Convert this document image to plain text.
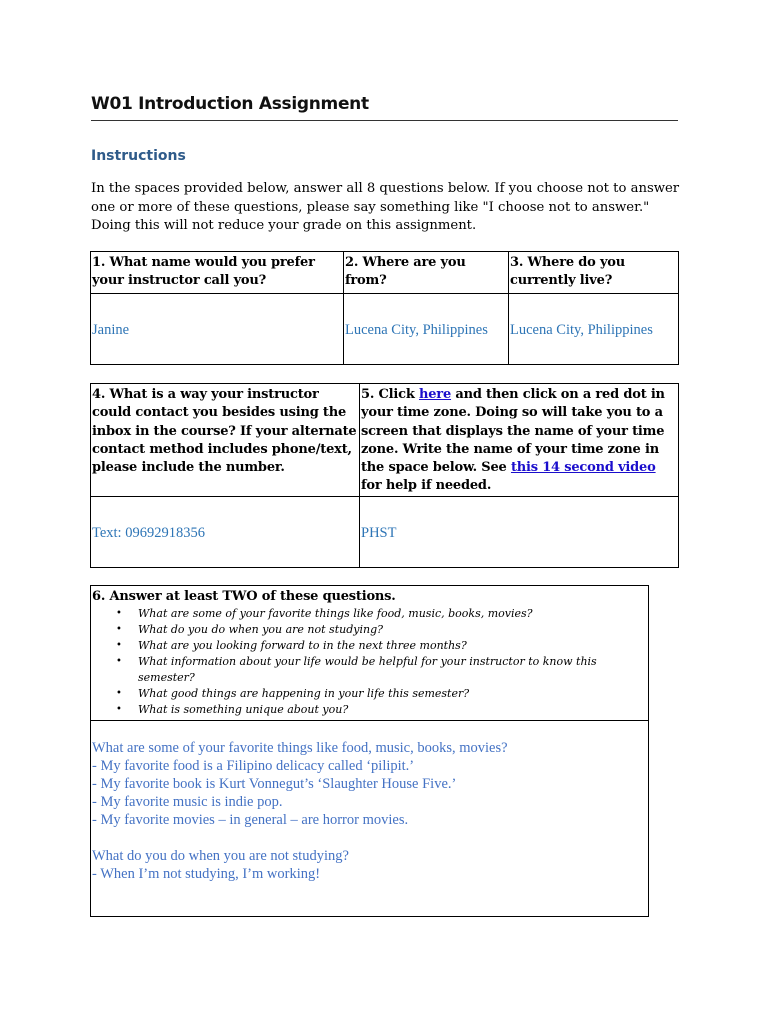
W01 Introduction Assignment
Instructions

In the spaces provided below, answer all 8 questions below. If you choose not to answer one or more of these questions, please say something like "I choose not to answer." Doing this will not reduce your grade on this assignment.

1. What name would you prefer your instructor call you?	2. Where are you from?	3. Where do you currently live?
Janine	Lucena City, Philippines	Lucena City, Philippines
4. What is a way your instructor could contact you besides using the inbox in the course? If your alternate contact method includes phone/text, please include the number.	5. Click here and then click on a red dot in your time zone. Doing so will take you to a screen that displays the name of your time zone. Write the name of your time zone in the space below. See this 14 second video for help if needed.
Text: 09692918356	PHST
6. Answer at least TWO of these questions.
• What are some of your favorite things like food, music, books, movies?
• What do you do when you are not studying?
• What are you looking forward to in the next three months?
• What information about your life would be helpful for your instructor to know this semester?
• What good things are happening in your life this semester?
• What is something unique about you?

What are some of your favorite things like food, music, books, movies?
- My favorite food is a Filipino delicacy called ‘pilipit.’
- My favorite book is Kurt Vonnegut’s ‘Slaughter House Five.’
- My favorite music is indie pop.
- My favorite movies – in general – are horror movies.
What do you do when you are not studying?
- When I’m not studying, I’m working!
